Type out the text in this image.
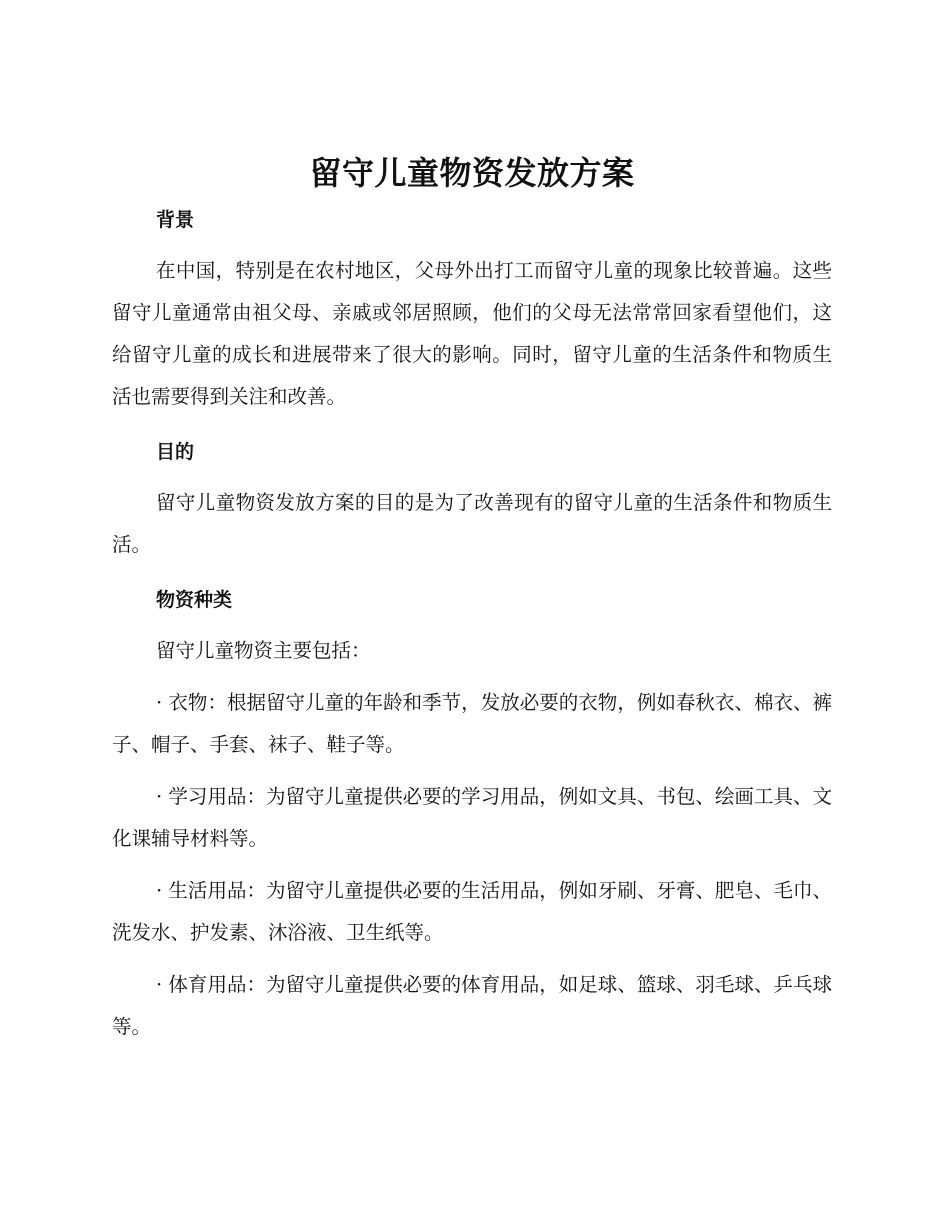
留守儿童物资发放方案
背景

在中国，特别是在农村地区，父母外出打工而留守儿童的现象比较普遍。这些留守儿童通常由祖父母、亲戚或邻居照顾，他们的父母无法常常回家看望他们，这给留守儿童的成长和进展带来了很大的影响。同时，留守儿童的生活条件和物质生活也需要得到关注和改善。

目的

留守儿童物资发放方案的目的是为了改善现有的留守儿童的生活条件和物质生活。

物资种类

留守儿童物资主要包括：

· 衣物：根据留守儿童的年龄和季节，发放必要的衣物，例如春秋衣、棉衣、裤子、帽子、手套、袜子、鞋子等。

· 学习用品：为留守儿童提供必要的学习用品，例如文具、书包、绘画工具、文化课辅导材料等。

· 生活用品：为留守儿童提供必要的生活用品，例如牙刷、牙膏、肥皂、毛巾、洗发水、护发素、沐浴液、卫生纸等。

· 体育用品：为留守儿童提供必要的体育用品，如足球、篮球、羽毛球、乒乓球等。
